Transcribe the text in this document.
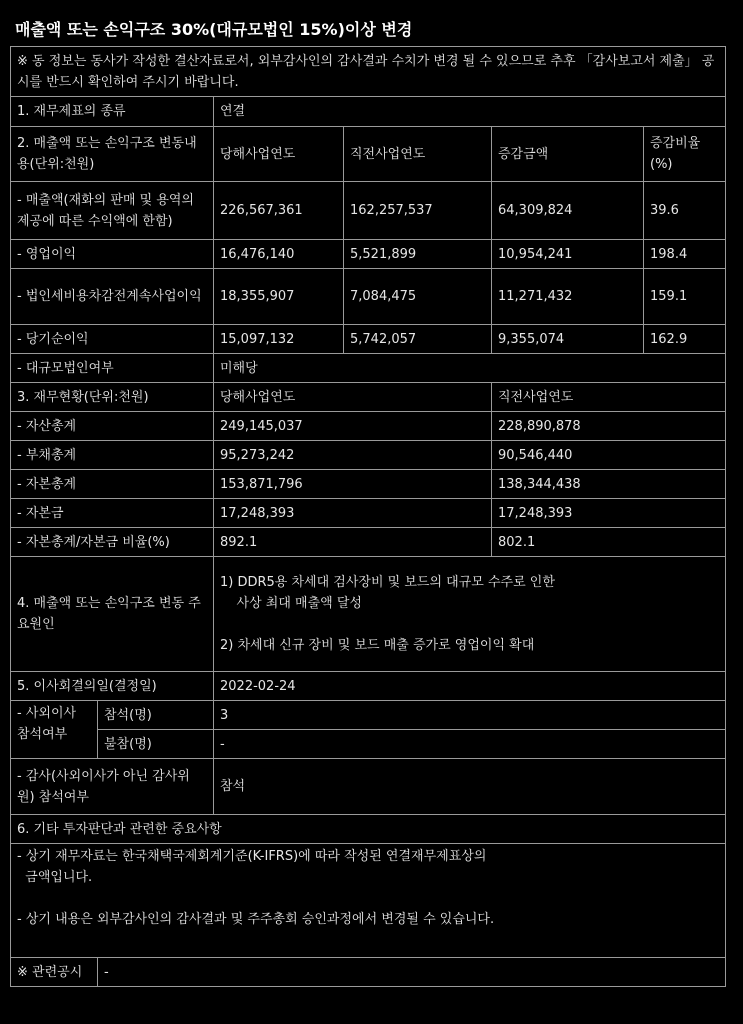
매출액 또는 손익구조 30%(대규모법인 15%)이상 변경
※ 동 정보는 동사가 작성한 결산자료로서, 외부감사인의 감사결과 수치가 변경 될 수 있으므로 추후 「감사보고서 제출」 공시를 반드시 확인하여 주시기 바랍니다.					
1. 재무제표의 종류		연결			
2. 매출액 또는 손익구조 변동내용(단위:천원)		당해사업연도	직전사업연도	증감금액	증감비율(%)
- 매출액(재화의 판매 및 용역의 제공에 따른 수익액에 한함)		226,567,361	162,257,537	64,309,824	39.6
- 영업이익		16,476,140	5,521,899	10,954,241	198.4
- 법인세비용차감전계속사업이익		18,355,907	7,084,475	11,271,432	159.1
- 당기순이익		15,097,132	5,742,057	9,355,074	162.9
- 대규모법인여부		미해당			
3. 재무현황(단위:천원)		당해사업연도		직전사업연도	
- 자산총계		249,145,037		228,890,878	
- 부채총계		95,273,242		90,546,440	
- 자본총계		153,871,796		138,344,438	
- 자본금		17,248,393		17,248,393	
- 자본총계/자본금 비율(%)		892.1		802.1	
4. 매출액 또는 손익구조 변동 주요원인		1) DDR5용 차세대 검사장비 및 보드의 대규모 수주로 인한
사상 최대 매출액 달성

2) 차세대 신규 장비 및 보드 매출 증가로 영업이익 확대			
5. 이사회결의일(결정일)		2022-02-24			
- 사외이사 참석여부	참석(명)	3			
	불참(명)	-			
- 감사(사외이사가 아닌 감사위원) 참석여부		참석			
6. 기타 투자판단과 관련한 중요사항					
- 상기 재무자료는 한국채택국제회계기준(K-IFRS)에 따라 작성된 연결재무제표상의
금액입니다.

- 상기 내용은 외부감사인의 감사결과 및 주주총회 승인과정에서 변경될 수 있습니다.					
※ 관련공시	-				
